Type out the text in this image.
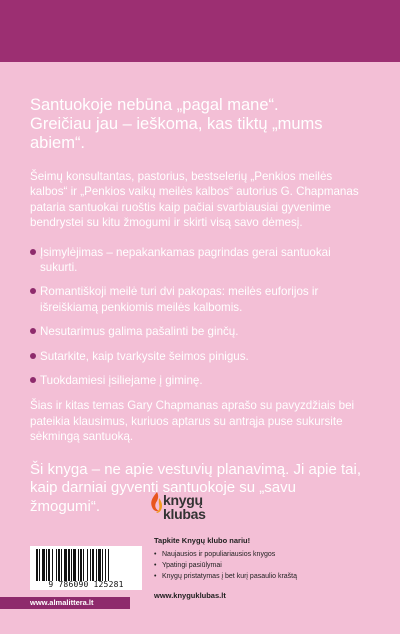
Santuokoje nebūna „pagal mane“.
Greičiau jau – ieškoma, kas tiktų „mums abiem“.

Šeimų konsultantas, pastorius, bestselerių „Penkios meilės kalbos“ ir „Penkios vaikų meilės kalbos“ autorius G. Chapmanas pataria santuokai ruoštis kaip pačiai svarbiausiai gyvenime bendrystei su kitu žmogumi ir skirti visą savo dėmesį.

Įsimylėjimas – nepakankamas pagrindas gerai santuokai sukurti.
Romantiškoji meilė turi dvi pakopas: meilės euforijos ir išreiškiamą penkiomis meilės kalbomis.
Nesutarimus galima pašalinti be ginčų.
Sutarkite, kaip tvarkysite šeimos pinigus.
Tuokdamiesi įsiliejame į giminę.

Šias ir kitas temas Gary Chapmanas aprašo su pavyzdžiais bei pateikia klausimus, kuriuos aptarus su antrąja puse sukursite sėkmingą santuoką.

Ši knyga – ne apie vestuvių planavimą. Ji apie tai,
kaip darniai gyventi santuokoje su „savu žmogumi“.	knygų
klubas
Tapkite Knygų klubo nariu!
• Naujausios ir populiariausios knygos
• Ypatingi pasiūlymai
• Knygų pristatymas į bet kurį pasaulio kraštą
www.knyguklubas.lt
9 786090 125281
www.almalittera.lt
